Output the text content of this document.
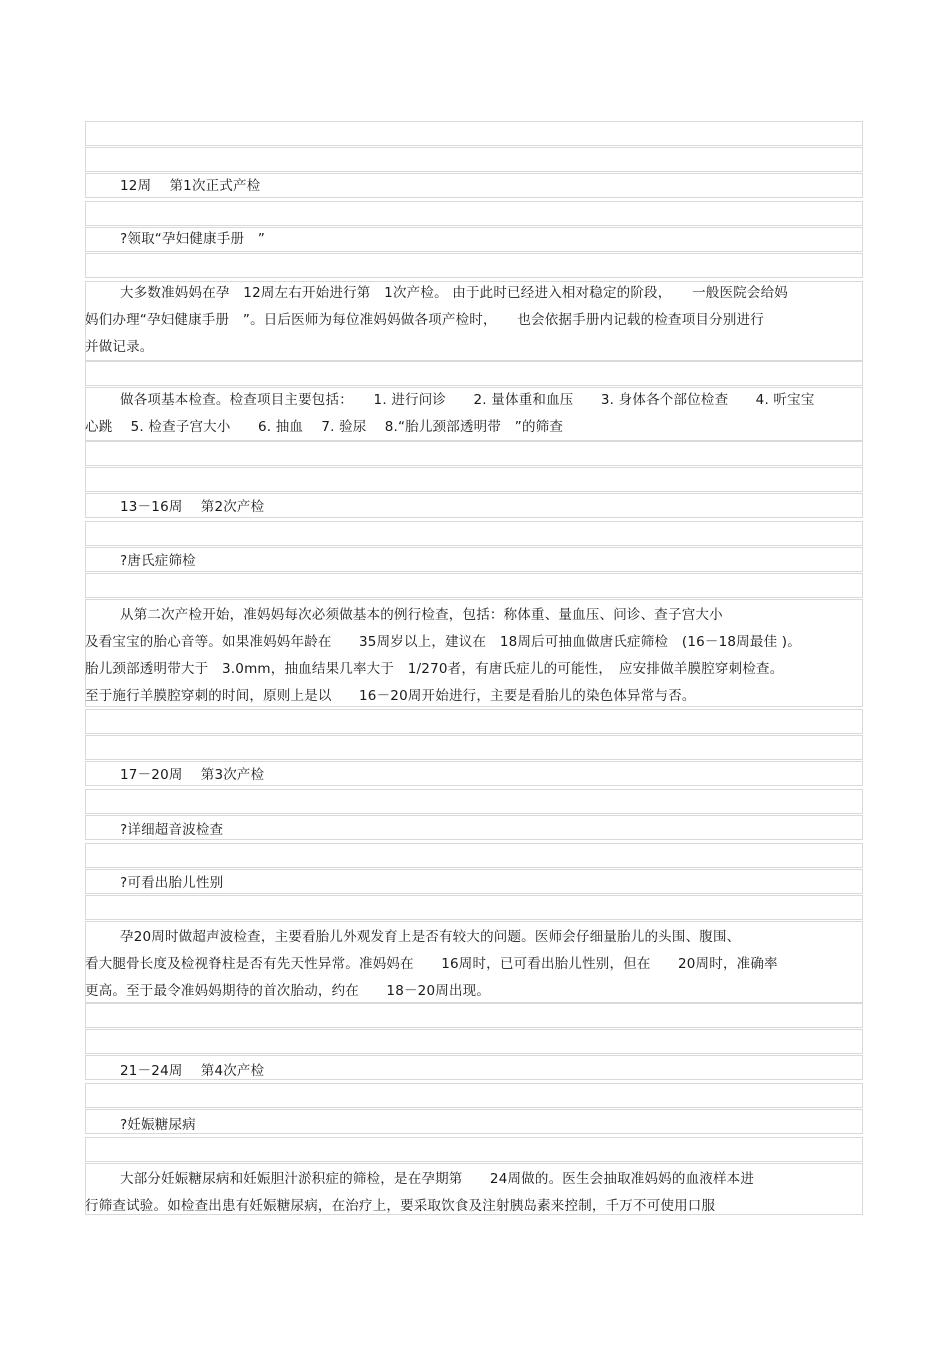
12周　 第1次正式产检
?领取“孕妇健康手册　”
大多数准妈妈在孕　12周左右开始进行第　1次产检。 由于此时已经进入相对稳定的阶段，　　一般医院会给妈
妈们办理“孕妇健康手册　”。日后医师为每位准妈妈做各项产检时，　　也会依据手册内记载的检查项目分别进行
并做记录。
做各项基本检查。检查项目主要包括：　　1. 进行问诊　　2. 量体重和血压　　3. 身体各个部位检查　　4. 听宝宝
心跳　 5. 检查子宫大小　　6. 抽血　 7. 验尿　 8.“胎儿颈部透明带　”的筛查
13－16周　 第2次产检
?唐氏症筛检
从第二次产检开始，准妈妈每次必须做基本的例行检查，包括：称体重、量血压、问诊、查子宫大小
及看宝宝的胎心音等。如果准妈妈年龄在　　35周岁以上，建议在　18周后可抽血做唐氏症筛检　(16－18周最佳 )。
胎儿颈部透明带大于　3.0mm，抽血结果几率大于　1/270者，有唐氏症儿的可能性，　应安排做羊膜腔穿刺检查。
至于施行羊膜腔穿刺的时间，原则上是以　　16－20周开始进行，主要是看胎儿的染色体异常与否。
17－20周　 第3次产检
?详细超音波检查
?可看出胎儿性别
孕20周时做超声波检查，主要看胎儿外观发育上是否有较大的问题。医师会仔细量胎儿的头围、腹围、
看大腿骨长度及检视脊柱是否有先天性异常。准妈妈在　　16周时，已可看出胎儿性别，但在　　20周时，准确率
更高。至于最令准妈妈期待的首次胎动，约在　　18－20周出现。
21－24周　 第4次产检
?妊娠糖尿病
大部分妊娠糖尿病和妊娠胆汁淤积症的筛检，是在孕期第　　24周做的。医生会抽取准妈妈的血液样本进
行筛查试验。如检查出患有妊娠糖尿病，在治疗上，要采取饮食及注射胰岛素来控制，千万不可使用口服
